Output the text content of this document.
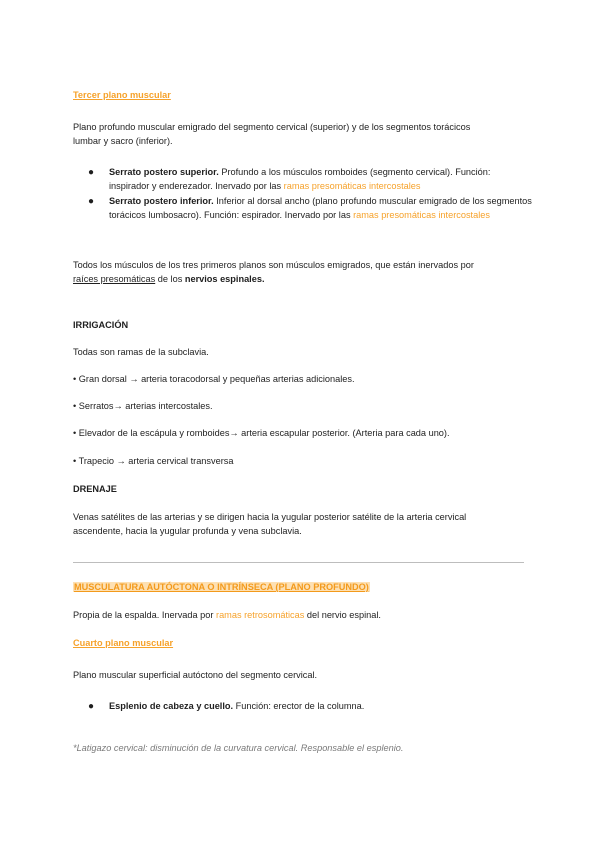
Tercer plano muscular
Plano profundo muscular emigrado del segmento cervical (superior) y de los segmentos torácicos
lumbar y sacro (inferior).
● Serrato postero superior. Profundo a los músculos romboides (segmento cervical). Función: inspirador y enderezador. Inervado por las ramas presomáticas intercostales
● Serrato postero inferior. Inferior al dorsal ancho (plano profundo muscular emigrado de los segmentos torácicos lumbosacro). Función: espirador. Inervado por las ramas presomáticas intercostales
Todos los músculos de los tres primeros planos son músculos emigrados, que están inervados por
raíces presomáticas de los nervios espinales.
IRRIGACIÓN
Todas son ramas de la subclavia.
• Gran dorsal → arteria toracodorsal y pequeñas arterias adicionales.
• Serratos→ arterias intercostales.
• Elevador de la escápula y romboides→ arteria escapular posterior. (Arteria para cada uno).
• Trapecio → arteria cervical transversa
DRENAJE
Venas satélites de las arterias y se dirigen hacia la yugular posterior satélite de la arteria cervical
ascendente, hacia la yugular profunda y vena subclavia.
MUSCULATURA AUTÓCTONA O INTRÍNSECA (PLANO PROFUNDO)
Propia de la espalda. Inervada por ramas retrosomáticas del nervio espinal.
Cuarto plano muscular
Plano muscular superficial autóctono del segmento cervical.
● Esplenio de cabeza y cuello. Función: erector de la columna.
*Latigazo cervical: disminución de la curvatura cervical. Responsable el esplenio.
